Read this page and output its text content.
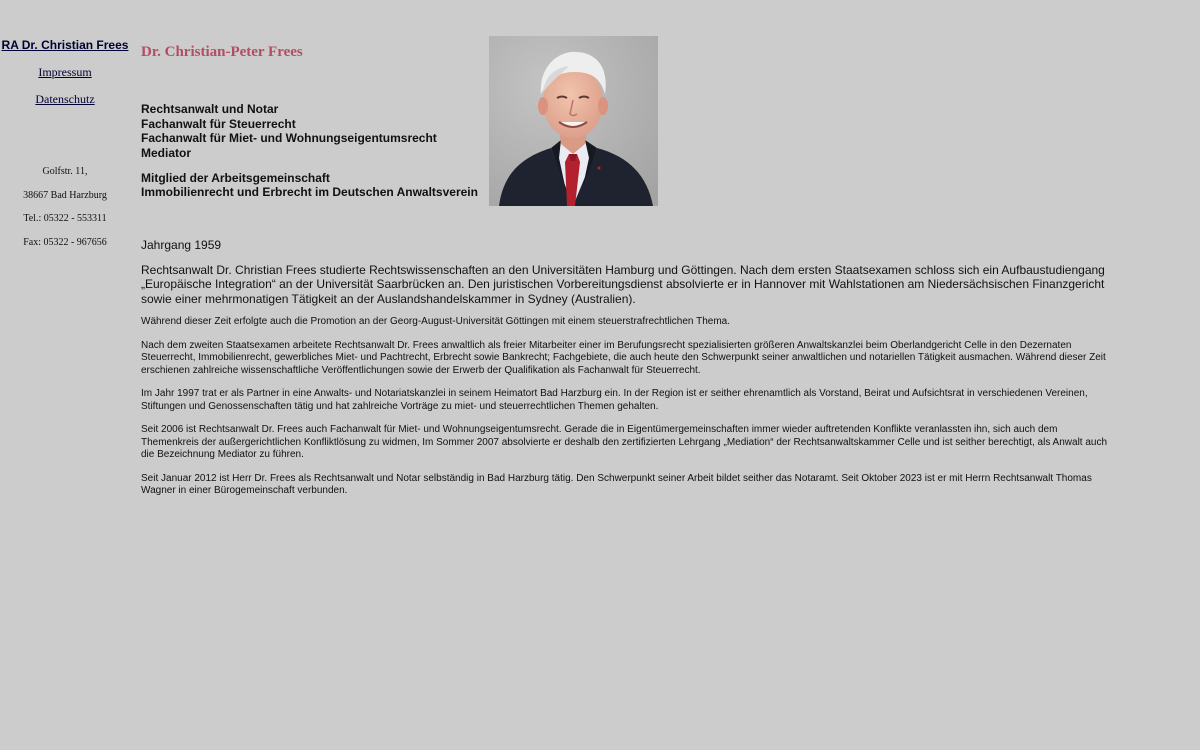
RA Dr. Christian Frees
Impressum
Datenschutz
Golfstr. 11,
38667 Bad Harzburg
Tel.: 05322 - 553311
Fax: 05322 - 967656
Dr. Christian-Peter Frees
Rechtsanwalt und Notar
Fachanwalt für Steuerrecht
Fachanwalt für Miet- und Wohnungseigentumsrecht
Mediator
Mitglied der Arbeitsgemeinschaft
Immobilienrecht und Erbrecht im Deutschen Anwaltsverein

Jahrgang 1959

Rechtsanwalt Dr. Christian Frees studierte Rechtswissenschaften an den Universitäten Hamburg und Göttingen. Nach dem ersten Staatsexamen schloss sich ein Aufbaustudiengang „Europäische Integration“ an der Universität Saarbrücken an. Den juristischen Vorbereitungsdienst absolvierte er in Hannover mit Wahlstationen am Niedersächsischen Finanzgericht sowie einer mehrmonatigen Tätigkeit an der Auslandshandelskammer in Sydney (Australien).

Während dieser Zeit erfolgte auch die Promotion an der Georg-August-Universität Göttingen mit einem steuerstrafrechtlichen Thema.

Nach dem zweiten Staatsexamen arbeitete Rechtsanwalt Dr. Frees anwaltlich als freier Mitarbeiter einer im Berufungsrecht spezialisierten größeren Anwaltskanzlei beim Oberlandgericht Celle in den Dezernaten Steuerrecht, Immobilienrecht, gewerbliches Miet- und Pachtrecht, Erbrecht sowie Bankrecht; Fachgebiete, die auch heute den Schwerpunkt seiner anwaltlichen und notariellen Tätigkeit ausmachen. Während dieser Zeit erschienen zahlreiche wissenschaftliche Veröffentlichungen sowie der Erwerb der Qualifikation als Fachanwalt für Steuerrecht.

Im Jahr 1997 trat er als Partner in eine Anwalts- und Notariatskanzlei in seinem Heimatort Bad Harzburg ein. In der Region ist er seither ehrenamtlich als Vorstand, Beirat und Aufsichtsrat in verschiedenen Vereinen, Stiftungen und Genossenschaften tätig und hat zahlreiche Vorträge zu miet- und steuerrechtlichen Themen gehalten.

Seit 2006 ist Rechtsanwalt Dr. Frees auch Fachanwalt für Miet- und Wohnungseigentumsrecht. Gerade die in Eigentümergemeinschaften immer wieder auftretenden Konflikte veranlassten ihn, sich auch dem Themenkreis der außergerichtlichen Konfliktlösung zu widmen, Im Sommer 2007 absolvierte er deshalb den zertifizierten Lehrgang „Mediation“ der Rechtsanwaltskammer Celle und ist seither berechtigt, als Anwalt auch die Bezeichnung Mediator zu führen.

Seit Januar 2012 ist Herr Dr. Frees als Rechtsanwalt und Notar selbständig in Bad Harzburg tätig. Den Schwerpunkt seiner Arbeit bildet seither das Notaramt. Seit Oktober 2023 ist er mit Herrn Rechtsanwalt Thomas Wagner in einer Bürogemeinschaft verbunden.
